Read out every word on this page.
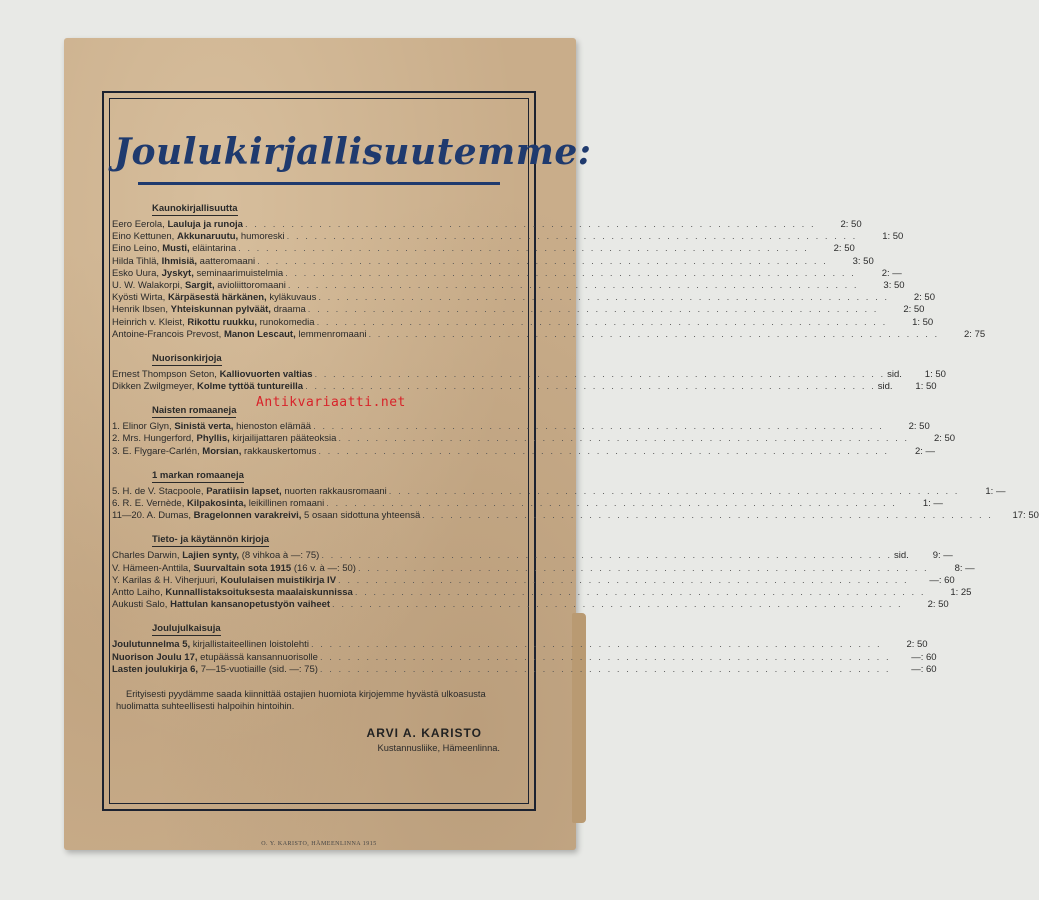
Joulukirjallisuutemme:
Kaunokirjallisuutta
Eero Eerola, Lauluja ja runoja . . .	2: 50
Eino Kettunen, Akkunaruutu, humoreski . . .	1: 50
Eino Leino, Musti, eläintarina . . .	2: 50
Hilda Tihlä, Ihmisiä, aatteromaani . . .	3: 50
Esko Uura, Jyskyt, seminaarimuistelmia . . .	2: —
U. W. Walakorpi, Sargit, avioliittoromaani . . .	3: 50
Kyösti Wirta, Kärpäsestä härkänen, kyläkuvaus . . .	2: 50
Henrik Ibsen, Yhteiskunnan pylväät, draama . . .	2: 50
Heinrich v. Kleist, Rikottu ruukku, runokomedia . . .	1: 50
Antoine-Francois Prevost, Manon Lescaut, lemmenromaani . . .	2: 75
Nuorisonkirjoja
Ernest Thompson Seton, Kalliovuorten valtias . . .	sid.	1: 50
Dikken Zwilgmeyer, Kolme tyttöä tuntureilla . . .	sid.	1: 50
Naisten romaaneja
1. Elinor Glyn, Sinistä verta, hienoston elämää . . .	2: 50
2. Mrs. Hungerford, Phyllis, kirjailijattaren pääteoksia . . .	2: 50
3. E. Flygare-Carlén, Morsian, rakkauskertomus . . .	2: —
1 markan romaaneja
5. H. de V. Stacpoole, Paratiisin lapset, nuorten rakkausromaani . . .	1: —
6. R. E. Vernède, Kilpakosinta, leikillinen romaani . . .	1: —
11—20. A. Dumas, Bragelonnen varakreivi, 5 osaan sidottuna yhteensä . . .	17: 50
Tieto- ja käytännön kirjoja
Charles Darwin, Lajien synty, (8 vihkoa à —: 75) . . .	sid.	9: —
V. Hämeen-Anttila, Suurvaltain sota 1915 (16 v. à —: 50) . . .	8: —
Y. Karilas & H. Viherjuuri, Koululaisen muistikirja IV . . .	—: 60
Antto Laiho, Kunnallistaksoituksesta maalaiskunnissa . . .	1: 25
Aukusti Salo, Hattulan kansanopetustyön vaiheet . . .	2: 50
Joulujulkaisuja
Joulutunnelma 5, kirjallistaiteellinen loistolehti . . .	2: 50
Nuorison Joulu 17, etupäässä kansannuorisolle . . .	—: 60
Lasten joulukirja 6, 7—15-vuotiaille (sid. —: 75) . . .	—: 60
Erityisesti pyydämme saada kiinnittää ostajien huomiota kirjojemme hyvästä ulkoasusta huolimatta suhteellisesti halpoihin hintoihin.
ARVI A. KARISTO
Kustannusliike, Hämeenlinna.
O. Y. KARISTO, HÄMEENLINNA 1915
Antikvariaatti.net
